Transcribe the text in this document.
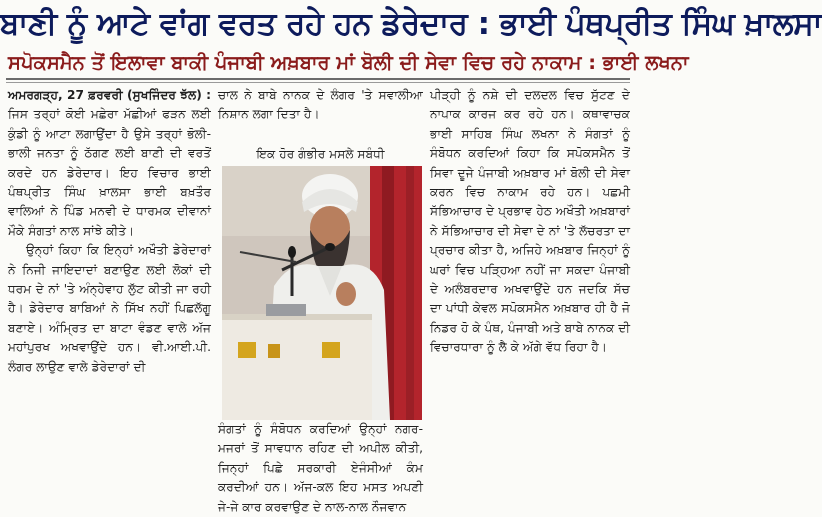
ਬਾਣੀ ਨੂੰ ਆਟੇ ਵਾਂਗ ਵਰਤ ਰਹੇ ਹਨ ਡੇਰੇਦਾਰ : ਭਾਈ ਪੰਥਪ੍ਰੀਤ ਸਿੰਘ ਖ਼ਾਲਸਾ
ਸਪੋਕਸਮੈਨ ਤੋਂ ਇਲਾਵਾ ਬਾਕੀ ਪੰਜਾਬੀ ਅਖ਼ਬਾਰ ਮਾਂ ਬੋਲੀ ਦੀ ਸੇਵਾ ਵਿਚ ਰਹੇ ਨਾਕਾਮ : ਭਾਈ ਲਖਨਾ

ਅਮਰਗੜ੍ਹ, 27 ਫ਼ਰਵਰੀ (ਸੁਖਜਿੰਦਰ ਝੱਲ) : ਜਿਸ ਤਰ੍ਹਾਂ ਕੋਈ ਮਛੇਰਾ ਮੱਛੀਆਂ ਫੜਨ ਲਈ ਕੁੰਡੀ ਨੂੰ ਆਟਾ ਲਗਾਉਂਦਾ ਹੈ ਉਸੇ ਤਰ੍ਹਾਂ ਭੋਲੀ-ਭਾਲੀ ਜਨਤਾ ਨੂੰ ਠੱਗਣ ਲਈ ਬਾਣੀ ਦੀ ਵਰਤੋਂ ਕਰਦੇ ਹਨ ਡੇਰੇਦਾਰ। ਇਹ ਵਿਚਾਰ ਭਾਈ ਪੰਥਪ੍ਰੀਤ ਸਿੰਘ ਖ਼ਾਲਸਾ ਭਾਈ ਬਖ਼ਤੌਰ ਵਾਲਿਆਂ ਨੇ ਪਿੰਡ ਮਨਵੀ ਦੇ ਧਾਰਮਕ ਦੀਵਾਨਾਂ ਮੌਕੇ ਸੰਗਤਾਂ ਨਾਲ ਸਾਂਝੇ ਕੀਤੇ।

ਉਨ੍ਹਾਂ ਕਿਹਾ ਕਿ ਇਨ੍ਹਾਂ ਅਖੌਤੀ ਡੇਰੇਦਾਰਾਂ ਨੇ ਨਿਜੀ ਜਾਇਦਾਦਾਂ ਬਣਾਉਣ ਲਈ ਲੋਕਾਂ ਦੀ ਧਰਮ ਦੇ ਨਾਂ 'ਤੇ ਅੰਨ੍ਹੇਵਾਹ ਲੁੱਟ ਕੀਤੀ ਜਾ ਰਹੀ ਹੈ। ਡੇਰੇਦਾਰ ਬਾਬਿਆਂ ਨੇ ਸਿੱਖ ਨਹੀਂ ਪਿਛਲੱਗੂ ਬਣਾਏ। ਅੰਮ੍ਰਿਤ ਦਾ ਬਾਟਾ ਵੰਡਣ ਵਾਲੇ ਅੱਜ ਮਹਾਂਪੁਰਖ ਅਖਵਾਉਂਦੇ ਹਨ। ਵੀ.ਆਈ.ਪੀ. ਲੰਗਰ ਲਾਉਣ ਵਾਲੇ ਡੇਰੇਦਾਰਾਂ ਦੀ

ਚਾਲ ਨੇ ਬਾਬੇ ਨਾਨਕ ਦੇ ਲੰਗਰ 'ਤੇ ਸਵਾਲੀਆ ਨਿਸ਼ਾਨ ਲਗਾ ਦਿਤਾ ਹੈ।

ਇਕ ਹੋਰ ਗੰਭੀਰ ਮਸਲੇ ਸਬੰਧੀ

ਸੰਗਤਾਂ ਨੂੰ ਸੰਬੋਧਨ ਕਰਦਿਆਂ ਉਨ੍ਹਾਂ ਨਗਰ-ਮਜਰਾਂ ਤੋਂ ਸਾਵਧਾਨ ਰਹਿਣ ਦੀ ਅਪੀਲ ਕੀਤੀ, ਜਿਨ੍ਹਾਂ ਪਿਛੇ ਸਰਕਾਰੀ ਏਜੰਸੀਆਂ ਕੰਮ ਕਰਦੀਆਂ ਹਨ। ਅੱਜ-ਕਲ ਇਹ ਮਸਤ ਅਪਣੀ ਜੇ-ਜੇ ਕਾਰ ਕਰਵਾਉਣ ਦੇ ਨਾਲ-ਨਾਲ ਨੌਜਵਾਨ

ਪੀੜ੍ਹੀ ਨੂੰ ਨਸ਼ੇ ਦੀ ਦਲਦਲ ਵਿਚ ਸੁੱਟਣ ਦੇ ਨਾਪਾਕ ਕਾਰਜ ਕਰ ਰਹੇ ਹਨ। ਕਥਾਵਾਚਕ ਭਾਈ ਸਾਹਿਬ ਸਿੰਘ ਲਖਨਾ ਨੇ ਸੰਗਤਾਂ ਨੂੰ ਸੰਬੋਧਨ ਕਰਦਿਆਂ ਕਿਹਾ ਕਿ ਸਪੋਕਸਮੈਨ ਤੋਂ ਸਿਵਾ ਦੂਜੇ ਪੰਜਾਬੀ ਅਖ਼ਬਾਰ ਮਾਂ ਬੋਲੀ ਦੀ ਸੇਵਾ ਕਰਨ ਵਿਚ ਨਾਕਾਮ ਰਹੇ ਹਨ। ਪਛਮੀ ਸੱਭਿਆਚਾਰ ਦੇ ਪ੍ਰਭਾਵ ਹੇਠ ਅਖੌਤੀ ਅਖ਼ਬਾਰਾਂ ਨੇ ਸੱਭਿਆਚਾਰ ਦੀ ਸੇਵਾ ਦੇ ਨਾਂ 'ਤੇ ਲੱਚਰਤਾ ਦਾ ਪ੍ਰਚਾਰ ਕੀਤਾ ਹੈ, ਅਜਿਹੇ ਅਖ਼ਬਾਰ ਜਿਨ੍ਹਾਂ ਨੂੰ ਘਰਾਂ ਵਿਚ ਪੜ੍ਹਿਆ ਨਹੀਂ ਜਾ ਸਕਦਾ ਪੰਜਾਬੀ ਦੇ ਅਲੰਬਰਦਾਰ ਅਖਵਾਉਂਦੇ ਹਨ ਜਦਕਿ ਸੱਚ ਦਾ ਪਾਂਧੀ ਕੇਵਲ ਸਪੋਕਸਮੈਨ ਅਖ਼ਬਾਰ ਹੀ ਹੈ ਜੋ ਨਿਡਰ ਹੋ ਕੇ ਪੰਥ, ਪੰਜਾਬੀ ਅਤੇ ਬਾਬੇ ਨਾਨਕ ਦੀ ਵਿਚਾਰਧਾਰਾ ਨੂੰ ਲੈ ਕੇ ਅੱਗੇ ਵੱਧ ਰਿਹਾ ਹੈ।
